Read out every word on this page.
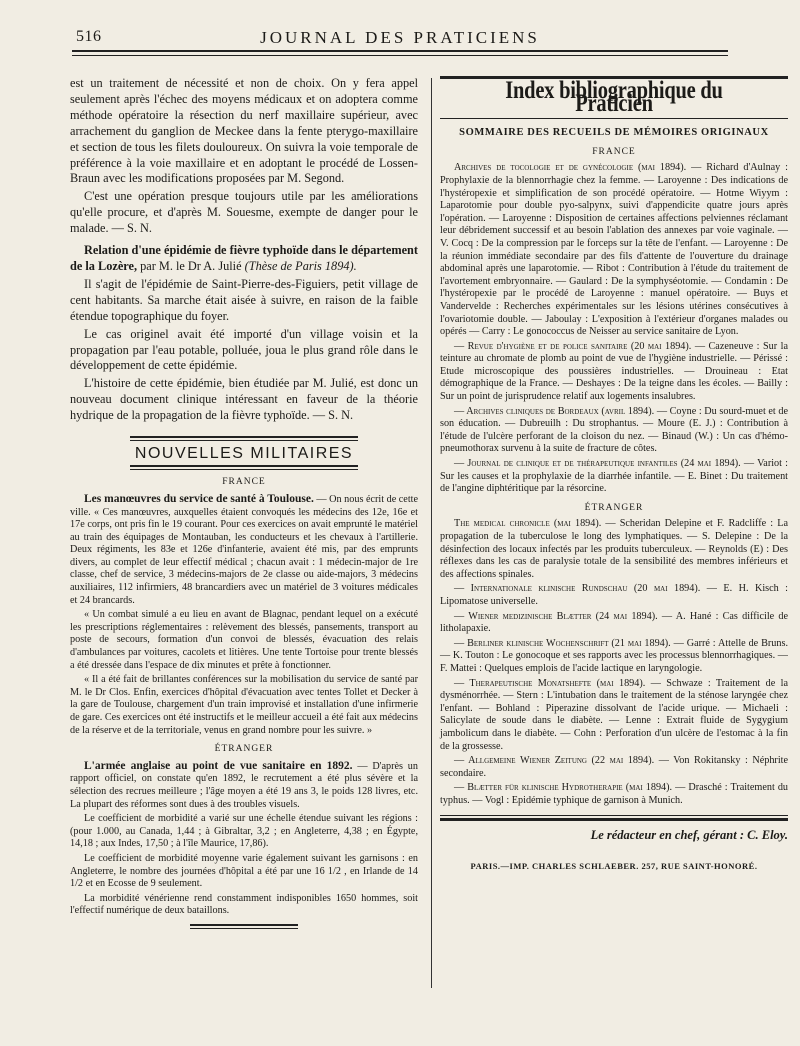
516	JOURNAL DES PRATICIENS

est un traitement de nécessité et non de choix. On y fera appel seulement après l'échec des moyens médicaux et on adoptera comme méthode opératoire la résection du nerf maxillaire supérieur, avec arrachement du ganglion de Meckee dans la fente pterygo-maxillaire et section de tous les filets douloureux. On suivra la voie temporale de préférence à la voie maxillaire et en adoptant le procédé de Lossen-Braun avec les modifications proposées par M. Segond.

C'est une opération presque toujours utile par les améliorations qu'elle procure, et d'après M. Souesme, exempte de danger pour le malade. — S. N.

Relation d'une épidémie de fièvre typhoïde dans le département de la Lozère, par M. le Dr A. Julié (Thèse de Paris 1894).

Il s'agit de l'épidémie de Saint-Pierre-des-Figuiers, petit village de cent habitants. Sa marche était aisée à suivre, en raison de la faible étendue topographique du foyer.

Le cas originel avait été importé d'un village voisin et la propagation par l'eau potable, polluée, joua le plus grand rôle dans le développement de cette épidémie.

L'histoire de cette épidémie, bien étudiée par M. Julié, est donc un nouveau document clinique intéressant en faveur de la théorie hydrique de la propagation de la fièvre typhoïde. — S. N.

NOUVELLES MILITAIRES
FRANCE

Les manœuvres du service de santé à Toulouse. — On nous écrit de cette ville. « Ces manœuvres, auxquelles étaient convoqués les médecins des 12e, 16e et 17e corps, ont pris fin le 19 courant. Pour ces exercices on avait emprunté le matériel au train des équipages de Montauban, les conducteurs et les chevaux à l'artillerie. Deux régiments, les 83e et 126e d'infanterie, avaient été mis, par des emprunts divers, au complet de leur effectif médical ; chacun avait : 1 médecin-major de 1re classe, chef de service, 3 médecins-majors de 2e classe ou aide-majors, 3 médecins auxiliaires, 112 infirmiers, 48 brancardiers avec un matériel de 3 voitures médicales et 24 brancards.

« Un combat simulé a eu lieu en avant de Blagnac, pendant lequel on a exécuté les prescriptions réglementaires : relèvement des blessés, pansements, transport au poste de secours, formation d'un convoi de blessés, évacuation des relais d'ambulances par voitures, cacolets et litières. Une tente Tortoise pour trente blessés a été dressée dans l'espace de dix minutes et prête à fonctionner.

« Il a été fait de brillantes conférences sur la mobilisation du service de santé par M. le Dr Clos. Enfin, exercices d'hôpital d'évacuation avec tentes Tollet et Decker à la gare de Toulouse, chargement d'un train improvisé et installation d'une infirmerie de gare. Ces exercices ont été instructifs et le meilleur accueil a été fait aux médecins de la réserve et de la territoriale, venus en grand nombre pour les suivre. »

ÉTRANGER

L'armée anglaise au point de vue sanitaire en 1892. — D'après un rapport officiel, on constate qu'en 1892, le recrutement a été plus sévère et la sélection des recrues meilleure ; l'âge moyen a été 19 ans 3, le poids 128 livres, etc. La plupart des réformes sont dues à des troubles visuels.

Le coefficient de morbidité a varié sur une échelle étendue suivant les régions : (pour 1.000, au Canada, 1,44 ; à Gibraltar, 3,2 ; en Angleterre, 4,38 ; en Égypte, 14,18 ; aux Indes, 17,50 ; à l'île Maurice, 17,86).

Le coefficient de morbidité moyenne varie également suivant les garnisons : en Angleterre, le nombre des journées d'hôpital a été par une 16 1/2 , en Irlande de 14 1/2 et en Ecosse de 9 seulement.

La morbidité vénérienne rend constamment indisponibles 1650 hommes, soit l'effectif numérique de deux bataillons.

Index bibliographique du Praticien
SOMMAIRE DES RECUEILS DE MÉMOIRES ORIGINAUX
FRANCE

Archives de tocologie et de gynécologie (mai 1894). — Richard d'Aulnay : Prophylaxie de la blennorrhagie chez la femme. — Laroyenne : Des indications de l'hystéropexie et simplification de son procédé opératoire. — Hotme Wiyym : Laparotomie pour double pyo-salpynx, suivi d'appendicite quatre jours après l'opération. — Laroyenne : Disposition de certaines affections pelviennes réclamant leur débridement successif et au besoin l'ablation des annexes par voie vaginale. — V. Cocq : De la compression par le forceps sur la tête de l'enfant. — Laroyenne : De la réunion immédiate secondaire par des fils d'attente de l'ouverture du drainage abdominal après une laparotomie. — Ribot : Contribution à l'étude du traitement de l'avortement embryonnaire. — Gaulard : De la symphyséotomie. — Condamin : De l'hystéropexie par le procédé de Laroyenne : manuel opératoire. — Buys et Vandervelde : Recherches expérimentales sur les lésions utérines consécutives à l'ovariotomie double. — Jaboulay : L'exposition à l'extérieur d'organes malades ou opérés — Carry : Le gonococcus de Neisser au service sanitaire de Lyon.

— Revue d'hygiène et de police sanitaire (20 mai 1894). — Cazeneuve : Sur la teinture au chromate de plomb au point de vue de l'hygiène industrielle. — Périssé : Etude microscopique des poussières industrielles. — Drouineau : Etat démographique de la France. — Deshayes : De la teigne dans les écoles. — Bailly : Sur un point de jurisprudence relatif aux logements insalubres.

— Archives cliniques de Bordeaux (avril 1894). — Coyne : Du sourd-muet et de son éducation. — Dubreuilh : Du strophantus. — Moure (E. J.) : Contribution à l'étude de l'ulcère perforant de la cloison du nez. — Binaud (W.) : Un cas d'hémo-pneumothorax survenu à la suite de fracture de côtes.

— Journal de clinique et de thérapeutique infantiles (24 mai 1894). — Variot : Sur les causes et la prophylaxie de la diarrhée infantile. — E. Binet : Du traitement de l'angine diphtéritique par la résorcine.

ÉTRANGER

The medical chronicle (mai 1894). — Scheridan Delepine et F. Radcliffe : La propagation de la tuberculose le long des lymphatiques. — S. Delepine : De la désinfection des locaux infectés par les produits tuberculeux. — Reynolds (E) : Des réflexes dans les cas de paralysie totale de la sensibilité des membres inférieurs et des affections spinales.

— Internationale klinische Rundschau (20 mai 1894). — E. H. Kisch : Lipomatose universelle.

— Wiener medizinische Blætter (24 mai 1894). — A. Hané : Cas difficile de litholapaxie.

— Berliner klinische Wochenschrift (21 mai 1894). — Garré : Attelle de Bruns. — K. Touton : Le gonocoque et ses rapports avec les processus blennorrhagiques. — F. Mattei : Quelques emplois de l'acide lactique en laryngologie.

— Therapeutische Monatshefte (mai 1894). — Schwaze : Traitement de la dysménorrhée. — Stern : L'intubation dans le traitement de la sténose laryngée chez l'enfant. — Bohland : Piperazine dissolvant de l'acide urique. — Michaeli : Salicylate de soude dans le diabète. — Lenne : Extrait fluide de Sygygium jambolicum dans le diabète. — Cohn : Perforation d'un ulcère de l'estomac à la fin de la grossesse.

— Allgemeine Wiener Zeitung (22 mai 1894). — Von Rokitansky : Néphrite secondaire.

— Blætter für klinische Hydrotherapie (mai 1894). — Drasché : Traitement du typhus. — Vogl : Epidémie typhique de garnison à Munich.

Le rédacteur en chef, gérant : C. Eloy.
PARIS.—IMP. CHARLES SCHLAEBER. 257, RUE SAINT-HONORÉ.
